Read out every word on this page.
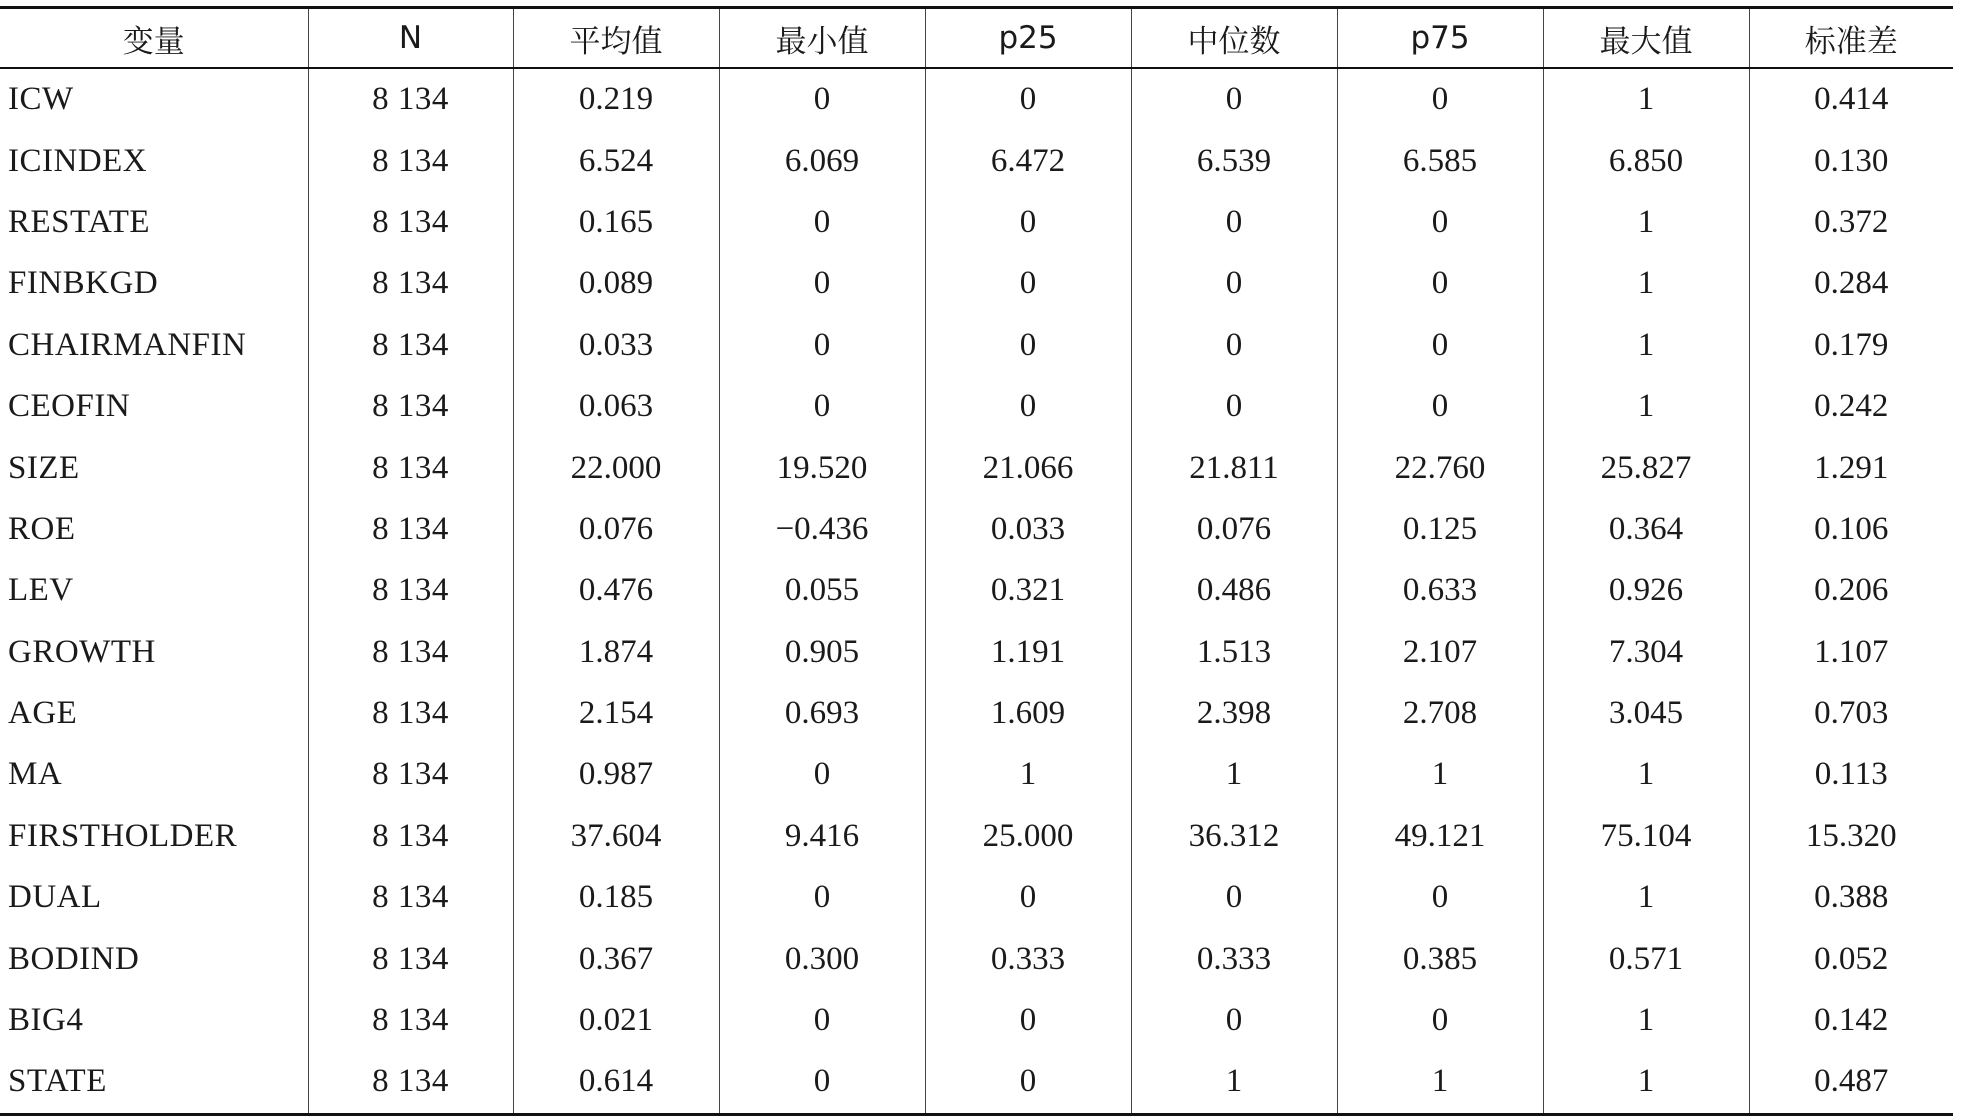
变量	N	平均值	最小值	p25	中位数	p75	最大值	标准差
ICW	8 134	0.219	0	0	0	0	1	0.414
ICINDEX	8 134	6.524	6.069	6.472	6.539	6.585	6.850	0.130
RESTATE	8 134	0.165	0	0	0	0	1	0.372
FINBKGD	8 134	0.089	0	0	0	0	1	0.284
CHAIRMANFIN	8 134	0.033	0	0	0	0	1	0.179
CEOFIN	8 134	0.063	0	0	0	0	1	0.242
SIZE	8 134	22.000	19.520	21.066	21.811	22.760	25.827	1.291
ROE	8 134	0.076	−0.436	0.033	0.076	0.125	0.364	0.106
LEV	8 134	0.476	0.055	0.321	0.486	0.633	0.926	0.206
GROWTH	8 134	1.874	0.905	1.191	1.513	2.107	7.304	1.107
AGE	8 134	2.154	0.693	1.609	2.398	2.708	3.045	0.703
MA	8 134	0.987	0	1	1	1	1	0.113
FIRSTHOLDER	8 134	37.604	9.416	25.000	36.312	49.121	75.104	15.320
DUAL	8 134	0.185	0	0	0	0	1	0.388
BODIND	8 134	0.367	0.300	0.333	0.333	0.385	0.571	0.052
BIG4	8 134	0.021	0	0	0	0	1	0.142
STATE	8 134	0.614	0	0	1	1	1	0.487
